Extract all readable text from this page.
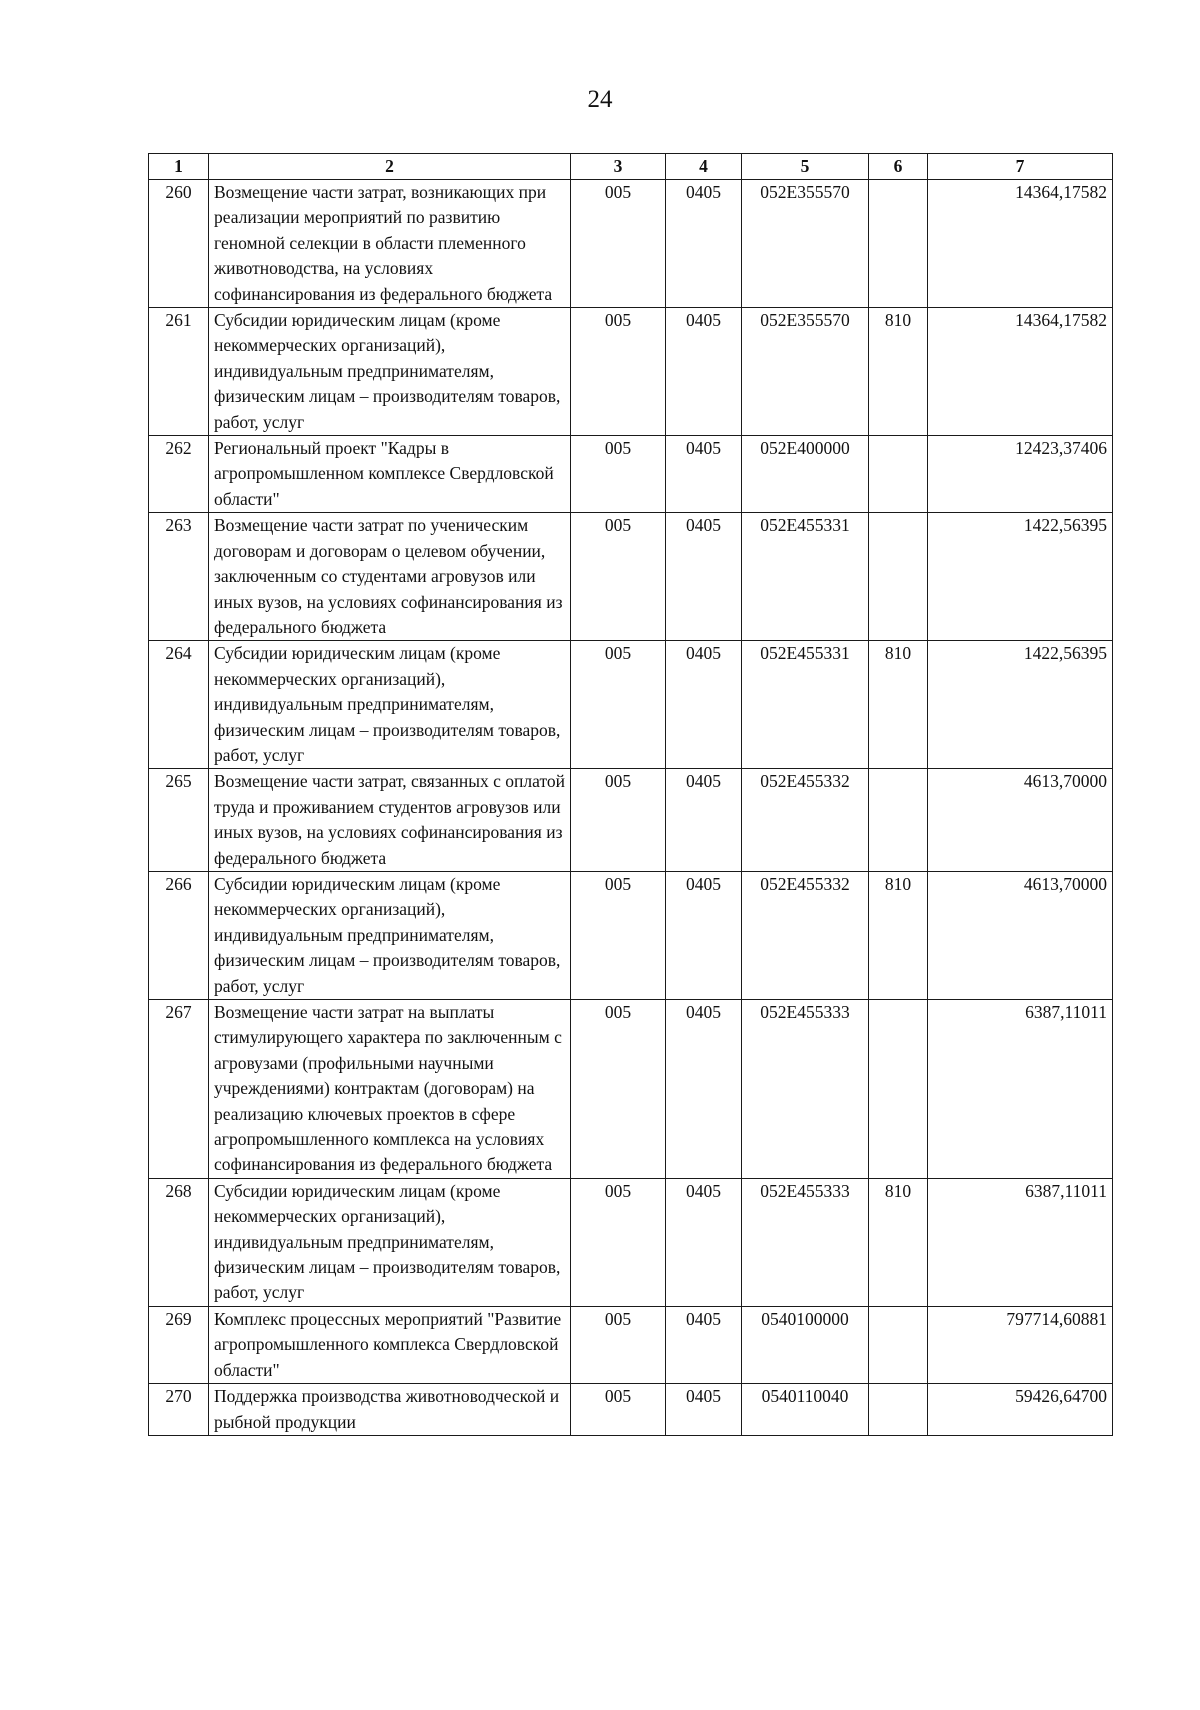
24
1	2	3	4	5	6	7
260	Возмещение части затрат, возникающих при реализации мероприятий по развитию геномной селекции в области племенного животноводства, на условиях софинансирования из федерального бюджета	005	0405	052E355570		14364,17582
261	Субсидии юридическим лицам (кроме некоммерческих организаций), индивидуальным предпринимателям, физическим лицам – производителям товаров, работ, услуг	005	0405	052E355570	810	14364,17582
262	Региональный проект "Кадры в агропромышленном комплексе Свердловской области"	005	0405	052E400000		12423,37406
263	Возмещение части затрат по ученическим договорам и договорам о целевом обучении, заключенным со студентами агровузов или иных вузов, на условиях софинансирования из федерального бюджета	005	0405	052E455331		1422,56395
264	Субсидии юридическим лицам (кроме некоммерческих организаций), индивидуальным предпринимателям, физическим лицам – производителям товаров, работ, услуг	005	0405	052E455331	810	1422,56395
265	Возмещение части затрат, связанных с оплатой труда и проживанием студентов агровузов или иных вузов, на условиях софинансирования из федерального бюджета	005	0405	052E455332		4613,70000
266	Субсидии юридическим лицам (кроме некоммерческих организаций), индивидуальным предпринимателям, физическим лицам – производителям товаров, работ, услуг	005	0405	052E455332	810	4613,70000
267	Возмещение части затрат на выплаты стимулирующего характера по заключенным с агровузами (профильными научными учреждениями) контрактам (договорам) на реализацию ключевых проектов в сфере агропромышленного комплекса на условиях софинансирования из федерального бюджета	005	0405	052E455333		6387,11011
268	Субсидии юридическим лицам (кроме некоммерческих организаций), индивидуальным предпринимателям, физическим лицам – производителям товаров, работ, услуг	005	0405	052E455333	810	6387,11011
269	Комплекс процессных мероприятий "Развитие агропромышленного комплекса Свердловской области"	005	0405	0540100000		797714,60881
270	Поддержка производства животноводческой и рыбной продукции	005	0405	0540110040		59426,64700
